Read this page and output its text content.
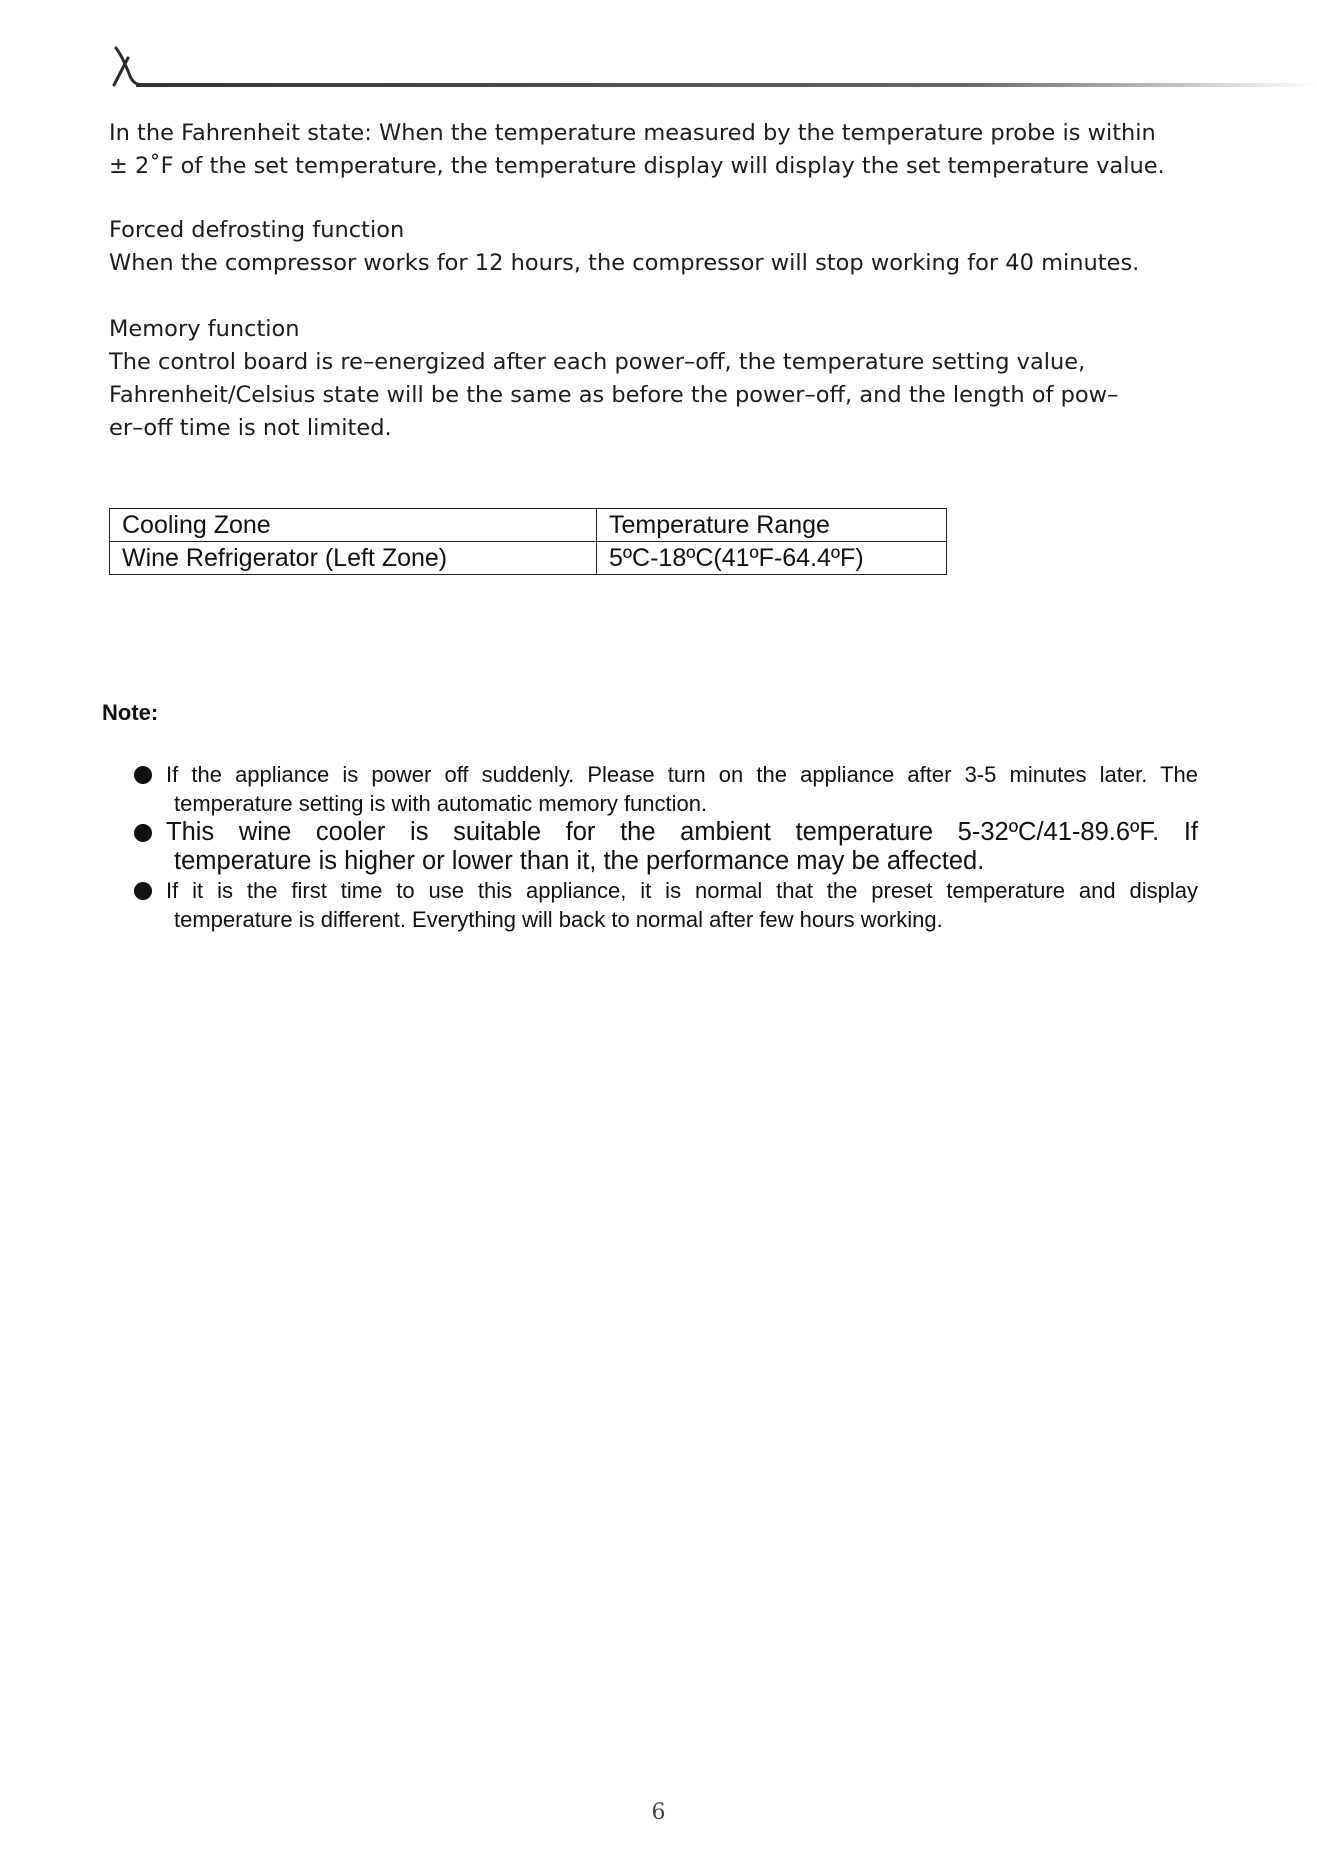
In the Fahrenheit state: When the temperature measured by the temperature probe is within

± 2˚F of the set temperature, the temperature display will display the set temperature value.

Forced defrosting function

When the compressor works for 12 hours, the compressor will stop working for 40 minutes.

Memory function

The control board is re–energized after each power–off, the temperature setting value,

Fahrenheit/Celsius state will be the same as before the power–off, and the length of pow–

er–off time is not limited.

Cooling Zone	Temperature Range
Wine Refrigerator (Left Zone)	5ºC-18ºC(41ºF-64.4ºF)
Note:
If the appliance is power off suddenly. Please turn on the appliance after 3-5 minutes later. The
temperature setting is with automatic memory function.
This wine cooler is suitable for the ambient temperature 5-32ºC/41-89.6ºF. If
temperature is higher or lower than it, the performance may be affected.
If it is the first time to use this appliance, it is normal that the preset temperature and display
temperature is different. Everything will back to normal after few hours working.
6
